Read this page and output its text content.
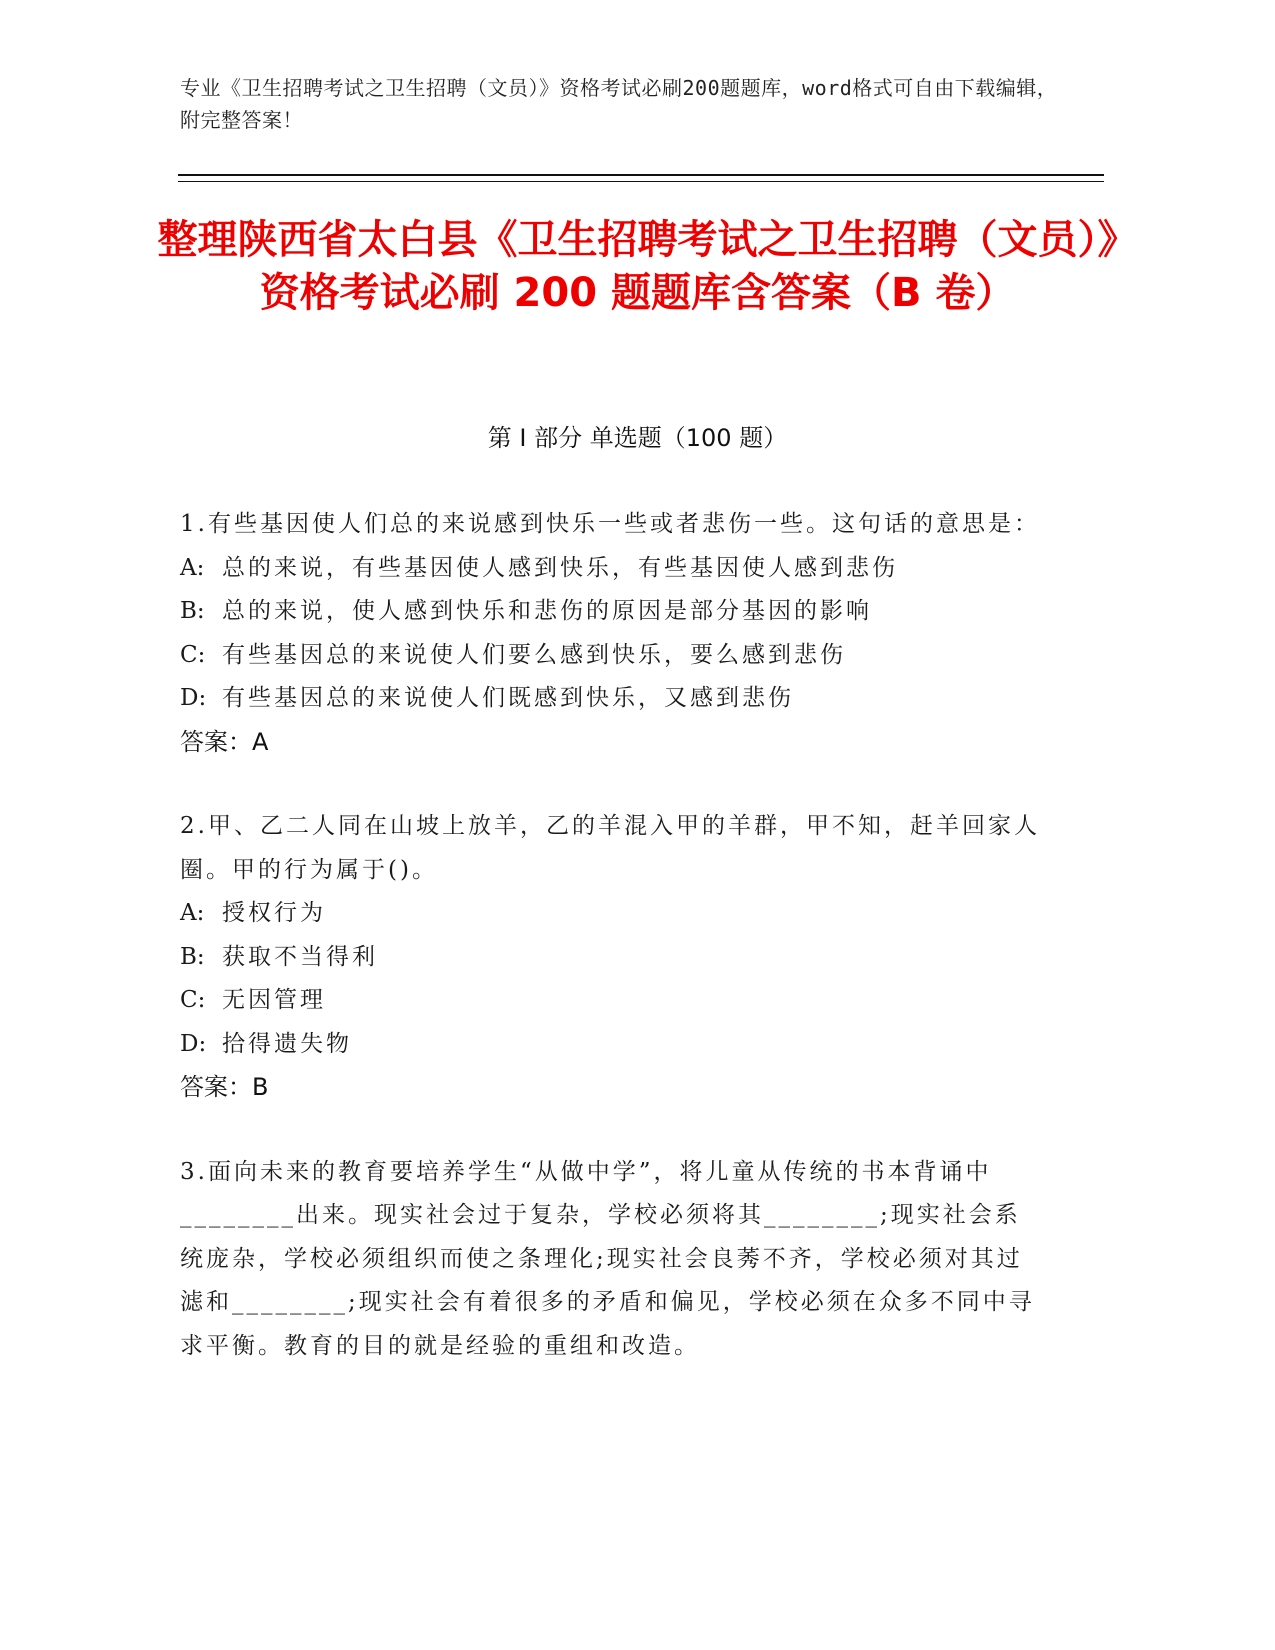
专业《卫生招聘考试之卫生招聘（文员）》资格考试必刷200题题库，word格式可自由下载编辑，附完整答案！
整理陕西省太白县《卫生招聘考试之卫生招聘（文员）》资格考试必刷 200 题题库含答案（B 卷）
第 I 部分 单选题（100 题）

1.有些基因使人们总的来说感到快乐一些或者悲伤一些。这句话的意思是：

A: 总的来说，有些基因使人感到快乐，有些基因使人感到悲伤

B: 总的来说，使人感到快乐和悲伤的原因是部分基因的影响

C: 有些基因总的来说使人们要么感到快乐，要么感到悲伤

D: 有些基因总的来说使人们既感到快乐，又感到悲伤

答案：A

2.甲、乙二人同在山坡上放羊，乙的羊混入甲的羊群，甲不知，赶羊回家人圈。甲的行为属于()。

A: 授权行为

B: 获取不当得利

C: 无因管理

D: 拾得遗失物

答案：B

3.面向未来的教育要培养学生“从做中学”，将儿童从传统的书本背诵中________出来。现实社会过于复杂，学校必须将其________;现实社会系统庞杂，学校必须组织而使之条理化;现实社会良莠不齐，学校必须对其过滤和________;现实社会有着很多的矛盾和偏见，学校必须在众多不同中寻求平衡。教育的目的就是经验的重组和改造。
